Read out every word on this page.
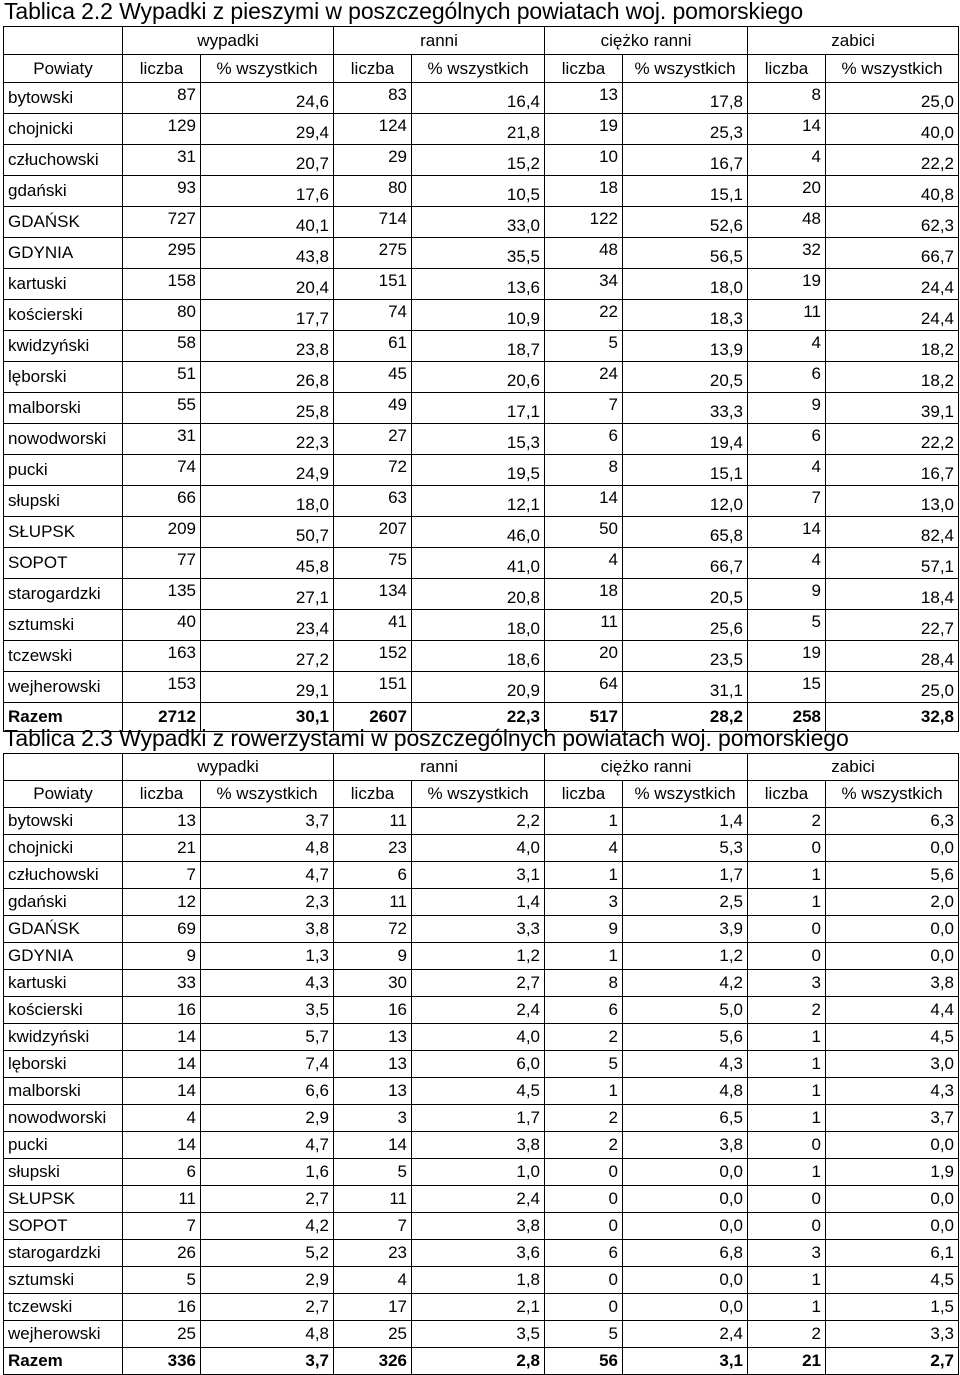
Tablica 2.2 Wypadki z pieszymi w poszczególnych powiatach woj. pomorskiego
	wypadki		ranni		ciężko ranni		zabici	
Powiaty	liczba	% wszystkich	liczba	% wszystkich	liczba	% wszystkich	liczba	% wszystkich
bytowski	87	24,6	83	16,4	13	17,8	8	25,0
chojnicki	129	29,4	124	21,8	19	25,3	14	40,0
człuchowski	31	20,7	29	15,2	10	16,7	4	22,2
gdański	93	17,6	80	10,5	18	15,1	20	40,8
GDAŃSK	727	40,1	714	33,0	122	52,6	48	62,3
GDYNIA	295	43,8	275	35,5	48	56,5	32	66,7
kartuski	158	20,4	151	13,6	34	18,0	19	24,4
kościerski	80	17,7	74	10,9	22	18,3	11	24,4
kwidzyński	58	23,8	61	18,7	5	13,9	4	18,2
lęborski	51	26,8	45	20,6	24	20,5	6	18,2
malborski	55	25,8	49	17,1	7	33,3	9	39,1
nowodworski	31	22,3	27	15,3	6	19,4	6	22,2
pucki	74	24,9	72	19,5	8	15,1	4	16,7
słupski	66	18,0	63	12,1	14	12,0	7	13,0
SŁUPSK	209	50,7	207	46,0	50	65,8	14	82,4
SOPOT	77	45,8	75	41,0	4	66,7	4	57,1
starogardzki	135	27,1	134	20,8	18	20,5	9	18,4
sztumski	40	23,4	41	18,0	11	25,6	5	22,7
tczewski	163	27,2	152	18,6	20	23,5	19	28,4
wejherowski	153	29,1	151	20,9	64	31,1	15	25,0
Razem	2712	30,1	2607	22,3	517	28,2	258	32,8
Tablica 2.3 Wypadki z rowerzystami w poszczególnych powiatach woj. pomorskiego
	wypadki		ranni		ciężko ranni		zabici	
Powiaty	liczba	% wszystkich	liczba	% wszystkich	liczba	% wszystkich	liczba	% wszystkich
bytowski	13	3,7	11	2,2	1	1,4	2	6,3
chojnicki	21	4,8	23	4,0	4	5,3	0	0,0
człuchowski	7	4,7	6	3,1	1	1,7	1	5,6
gdański	12	2,3	11	1,4	3	2,5	1	2,0
GDAŃSK	69	3,8	72	3,3	9	3,9	0	0,0
GDYNIA	9	1,3	9	1,2	1	1,2	0	0,0
kartuski	33	4,3	30	2,7	8	4,2	3	3,8
kościerski	16	3,5	16	2,4	6	5,0	2	4,4
kwidzyński	14	5,7	13	4,0	2	5,6	1	4,5
lęborski	14	7,4	13	6,0	5	4,3	1	3,0
malborski	14	6,6	13	4,5	1	4,8	1	4,3
nowodworski	4	2,9	3	1,7	2	6,5	1	3,7
pucki	14	4,7	14	3,8	2	3,8	0	0,0
słupski	6	1,6	5	1,0	0	0,0	1	1,9
SŁUPSK	11	2,7	11	2,4	0	0,0	0	0,0
SOPOT	7	4,2	7	3,8	0	0,0	0	0,0
starogardzki	26	5,2	23	3,6	6	6,8	3	6,1
sztumski	5	2,9	4	1,8	0	0,0	1	4,5
tczewski	16	2,7	17	2,1	0	0,0	1	1,5
wejherowski	25	4,8	25	3,5	5	2,4	2	3,3
Razem	336	3,7	326	2,8	56	3,1	21	2,7
